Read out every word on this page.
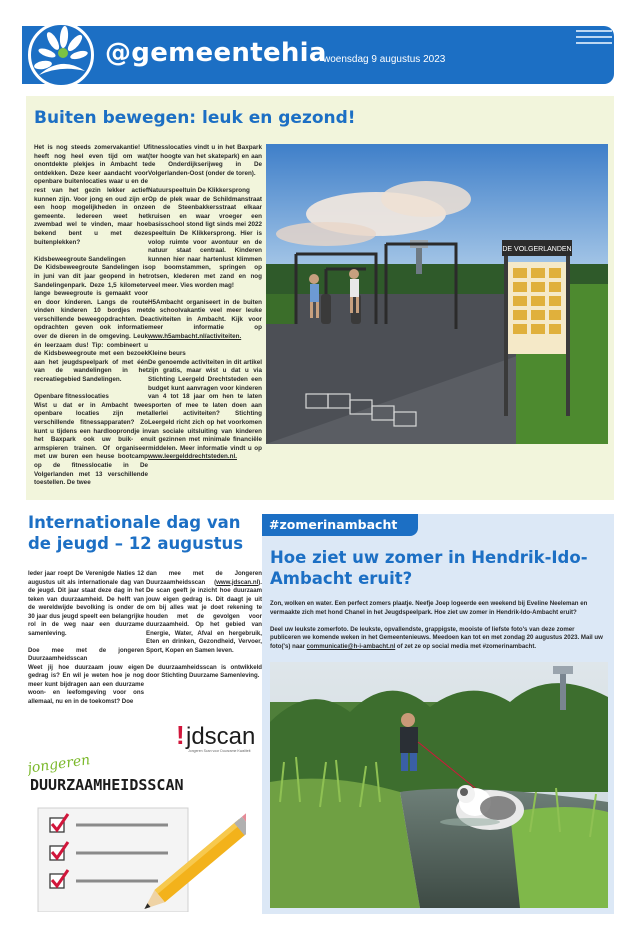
@gemeentehia
woensdag 9 augustus 2023
Buiten bewegen: leuk en gezond!

Het is nog steeds zomervakantie! U heeft nog heel even tijd om wat onontdekte plekjes in Ambacht te ontdekken. Deze keer aandacht voor openbare buitenlocaties waar u en de rest van het gezin lekker actief kunnen zijn. Voor jong en oud zijn er een hoop mogelijkheden in onze gemeente. Iedereen weet het zwembad wel te vinden, maar hoe bekend bent u met deze buitenplekken?

Kidsbeweegroute Sandelingen

De Kidsbeweegroute Sandelingen is in juni van dit jaar geopend in het Sandelingenpark. Deze 1,5 kilometer lange beweegroute is gemaakt voor en door kinderen. Langs de route vinden kinderen 10 bordjes met verschillende beweegopdrachten. De opdrachten geven ook informatie over de dieren in de omgeving. Leuk én leerzaam dus! Tip: combineert u de Kidsbeweegroute met een bezoek aan het jeugdspeelpark of met één van de wandelingen in het recreatiegebied Sandelingen.

Openbare fitnesslocaties

Wist u dat er in Ambacht twee openbare locaties zijn met verschillende fitnessapparaten? Zo kunt u tijdens een hardlooprondje in het Baxpark ook uw buik- en armspieren trainen. Of organiseer met uw buren een heuse bootcamp op de fitnesslocatie in De Volgerlanden met 13 verschillende toestellen. De twee

fitnesslocaties vindt u in het Baxpark (ter hoogte van het skatepark) en aan de Onderdijkserijweg in De Volgerlanden-Oost (onder de toren).

Natuurspeeltuin De Klikkersprong

Op de plek waar de Schildmanstraat en de Steenbakkersstraat elkaar kruisen en waar vroeger een basisschool stond ligt sinds mei 2022 speeltuin De Klikkersprong. Hier is volop ruimte voor avontuur en de natuur staat centraal. Kinderen kunnen hier naar hartenlust klimmen op boomstammen, springen op rotsen, klederen met zand en nog veel meer. Vies worden mag!

H5Ambacht organiseert in de buiten de schoolvakantie veel meer leuke activiteiten in Ambacht. Kijk voor meer informatie op www.h5ambacht.nl/activiteiten.

Kleine beurs

De genoemde activiteiten in dit artikel zijn gratis, maar wist u dat u via Stichting Leergeld Drechtsteden een budget kunt aanvragen voor kinderen van 4 tot 18 jaar om hen te laten sporten of mee te laten doen aan allerlei activiteiten? Stichting Leergeld richt zich op het voorkomen van sociale uitsluiting van kinderen uit gezinnen met minimale financiële middelen. Meer informatie vindt u op www.leergelddrechtsteden.nl.

DE VOLGERLANDEN
Internationale dag van de jeugd – 12 augustus

Ieder jaar roept De Verenigde Naties 12 augustus uit als internationale dag van de jeugd. Dit jaar staat deze dag in het teken van duurzaamheid. De helft van de wereldwijde bevolking is onder de 30 jaar dus jeugd speelt een belangrijke rol in de weg naar een duurzame samenleving.

Doe mee met de jongeren Duurzaamheidsscan

Weet jij hoe duurzaam jouw eigen gedrag is? En wil je weten hoe je nog meer kunt bijdragen aan een duurzame woon- en leefomgeving voor ons allemaal, nu en in de toekomst? Doe

dan mee met de Jongeren Duurzaamheidsscan (www.jdscan.nl). De scan geeft je inzicht hoe duurzaam jouw eigen gedrag is. Dit daagt je uit om bij alles wat je doet rekening te houden met de gevolgen voor duurzaamheid. Op het gebied van Energie, Water, Afval en hergebruik, Eten en drinken, Gezondheid, Vervoer, Sport, Kopen en Samen leven.

De duurzaamheidsscan is ontwikkeld door Stichting Duurzame Samenleving.

! jdscan
Jongeren Scan voor Duurzame Kwaliteit
jongeren
DUURZAAMHEIDSSCAN
#zomerinambacht
Hoe ziet uw zomer in Hendrik-Ido-Ambacht eruit?

Zon, wolken en water. Een perfect zomers plaatje. Neefje Joep logeerde een weekend bij Eveline Neeleman en vermaakte zich met hond Chanel in het Jeugdspeelpark. Hoe ziet uw zomer in Hendrik-Ido-Ambacht eruit?

Deel uw leukste zomerfoto. De leukste, opvallendste, grappigste, mooiste of liefste foto's van deze zomer publiceren we komende weken in het Gemeentenieuws. Meedoen kan tot en met zondag 20 augustus 2023. Mail uw foto('s) naar communicatie@h-i-ambacht.nl of zet ze op social media met #zomerinambacht.
